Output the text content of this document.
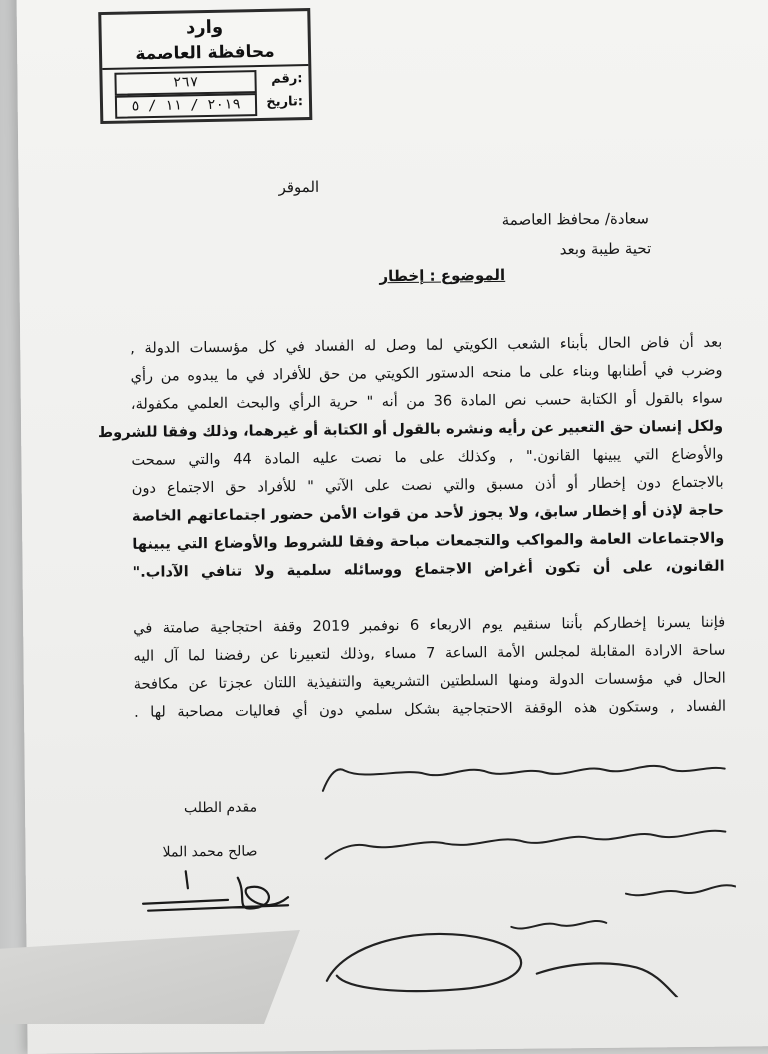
وارد
محافظة العاصمة
رقم:
٢٦٧
تاريخ:
٢٠١٩ / ١١ / ٥
الموقر
سعادة/ محافظ العاصمة
تحية طيبة وبعد
الموضوع : إخطار
بعد أن فاض الحال بأبناء الشعب الكويتي لما وصل له الفساد في كل مؤسسات الدولة ,
وضرب في أطنابها وبناء على ما منحه الدستور الكويتي من حق للأفراد في ما يبدوه من رأي
سواء بالقول أو الكتابة حسب نص المادة 36 من أنه " حرية الرأي والبحث العلمي مكفولة،
ولكل إنسان حق التعبير عن رأيه ونشره بالقول أو الكتابة أو غيرهما، وذلك وفقا للشروط
والأوضاع التي يبينها القانون." , وكذلك على ما نصت عليه المادة 44 والتي سمحت
بالاجتماع دون إخطار أو أذن مسبق والتي نصت على الآتي " للأفراد حق الاجتماع دون
حاجة لإذن أو إخطار سابق، ولا يجوز لأحد من قوات الأمن حضور اجتماعاتهم الخاصة
والاجتماعات العامة والمواكب والتجمعات مباحة وفقا للشروط والأوضاع التي يبينها
القانون، على أن تكون أغراض الاجتماع ووسائله سلمية ولا تنافي الآداب."
فإننا يسرنا إخطاركم بأننا سنقيم يوم الاربعاء 6 نوفمبر 2019 وقفة احتجاجية صامتة في
ساحة الارادة المقابلة لمجلس الأمة الساعة 7 مساء ,وذلك لتعبيرنا عن رفضنا لما آل اليه
الحال في مؤسسات الدولة ومنها السلطتين التشريعية والتنفيذية اللتان عجزتا عن مكافحة
الفساد , وستكون هذه الوقفة الاحتجاجية بشكل سلمي دون أي فعاليات مصاحبة لها .
مقدم الطلب
صالح محمد الملا
